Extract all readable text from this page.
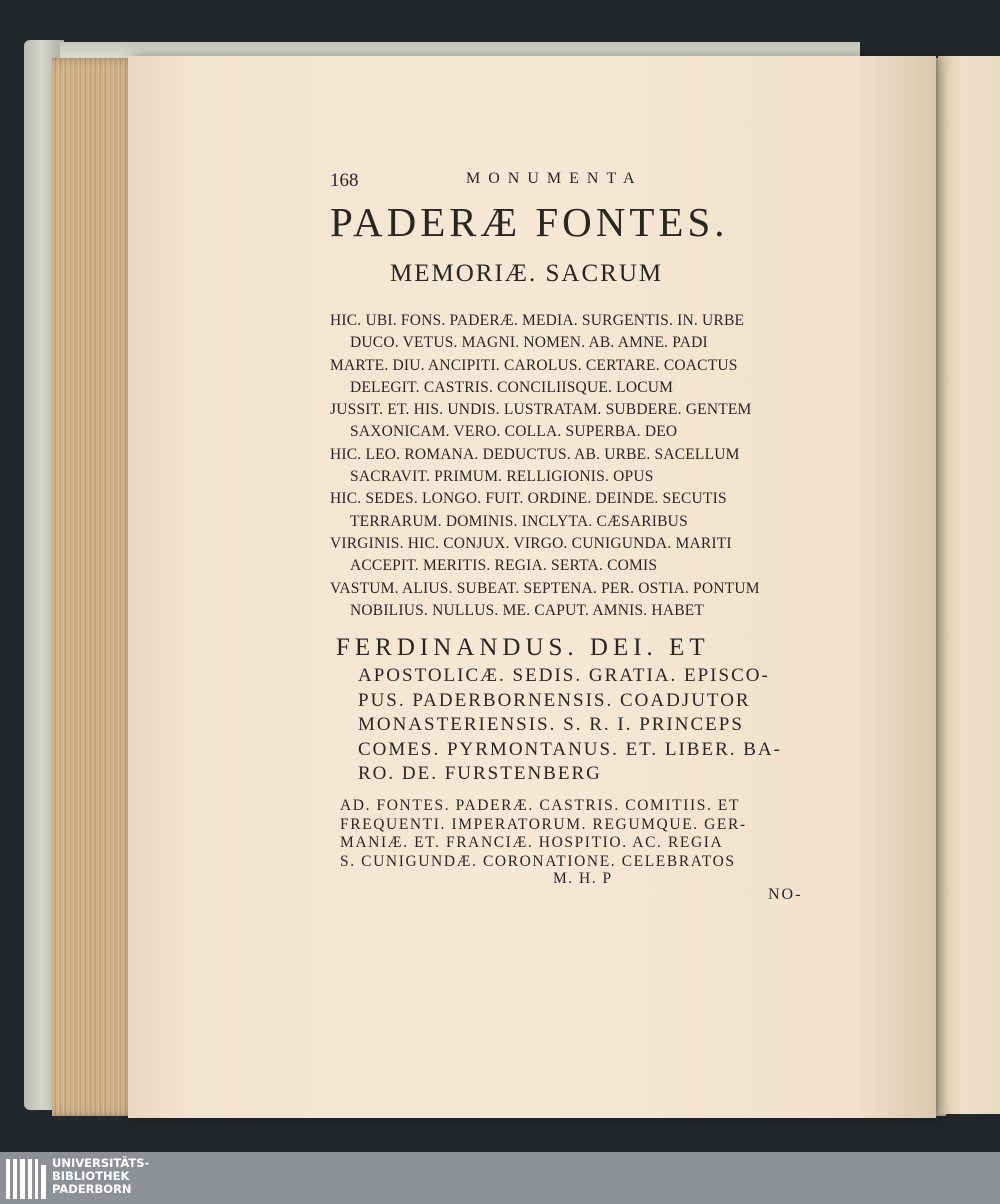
168	MONUMENTA
PADERÆ FONTES.
MEMORIÆ. SACRUM
HIC. UBI. FONS. PADERÆ. MEDIA. SURGENTIS. IN. URBE
DUCO. VETUS. MAGNI. NOMEN. AB. AMNE. PADI
MARTE. DIU. ANCIPITI. CAROLUS. CERTARE. COACTUS
DELEGIT. CASTRIS. CONCILIISQUE. LOCUM
JUSSIT. ET. HIS. UNDIS. LUSTRATAM. SUBDERE. GENTEM
SAXONICAM. VERO. COLLA. SUPERBA. DEO
HIC. LEO. ROMANA. DEDUCTUS. AB. URBE. SACELLUM
SACRAVIT. PRIMUM. RELLIGIONIS. OPUS
HIC. SEDES. LONGO. FUIT. ORDINE. DEINDE. SECUTIS
TERRARUM. DOMINIS. INCLYTA. CÆSARIBUS
VIRGINIS. HIC. CONJUX. VIRGO. CUNIGUNDA. MARITI
ACCEPIT. MERITIS. REGIA. SERTA. COMIS
VASTUM. ALIUS. SUBEAT. SEPTENA. PER. OSTIA. PONTUM
NOBILIUS. NULLUS. ME. CAPUT. AMNIS. HABET
FERDINANDUS. DEI. ET
APOSTOLICÆ. SEDIS. GRATIA. EPISCO-
PUS. PADERBORNENSIS. COADJUTOR
MONASTERIENSIS. S. R. I. PRINCEPS
COMES. PYRMONTANUS. ET. LIBER. BA-
RO. DE. FURSTENBERG
AD. FONTES. PADERÆ. CASTRIS. COMITIIS. ET
FREQUENTI. IMPERATORUM. REGUMQUE. GER-
MANIÆ. ET. FRANCIÆ. HOSPITIO. AC. REGIA
S. CUNIGUNDÆ. CORONATIONE. CELEBRATOS
M. H. P
NO-
UNIVERSITÄTS-
BIBLIOTHEK
PADERBORN
